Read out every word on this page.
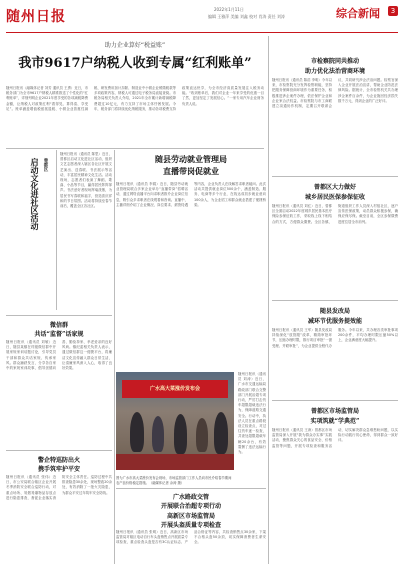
随州日报	2022年1月11日
编辑 王雅萍 美编 刘鑫 校对 肖涛 责任 刘涛	综合新闻	3
助力企业算好“税益账”
我市9617户纳税人收到专属“红利账单”
随州日报讯（融媒体记者 刘芳 通讯员 王勇）近日，市税务部门为全市9617户纳税人精准推送了个性化的“红利账单”，详细列明企业2021年度享受的各项减税降费金额，让纳税人对政策红利“看得见、算得清、享受足”。账单涵盖增值税留抵退税、小微企业普惠性减税、研发费用加计扣除、制造业中小微企业缓缴税款等多项政策内容，纳税人可通过电子税务局直接查阅。市税务局相关负责人介绍，2021年全市累计新增减税降费超过10亿元，有力支持了市场主体纾困发展。今年，税务部门将持续优化纳税服务，推动各项税费支持政策直达快享，为全市经济高质量发展注入税务动能。“收到账单后，我们对企业一年来享受的优惠一目了然，更加坚定了发展信心。”一家专用汽车企业财务负责人说。
曾都区
启动文化进社区活动
随州日报讯（通讯员 陈思）近日，曾都区启动文化进社区活动，组织文艺志愿者深入辖区各社区开展文艺演出、送春联、书法展示等活动，丰富居民精神文化生活。活动现场，志愿者们表演了舞蹈、歌曲、小品等节目，赢得居民阵阵掌声。书法爱好者现场挥毫泼墨，为居民书写春联和福字，营造喜庆祥和的节日氛围。活动将持续至春节前后，覆盖全区各社区。
微信群
共话“监督”话家规
随州日报讯（通讯员 刘敏）近日，随县某镇在村级微信群中开展家规家训话题讨论，引导党员干部和群众共话家规、传承家风。群众踊跃发言，分享各自家中的家规家训故事，倡导崇德向善、勤俭持家、孝老爱亲的良好风尚。镇纪委相关负责人表示，通过微信群这一便捷平台，将廉洁文化宣传融入群众日常生活，让清廉家风深入人心，取得了良好效果。
警企特巡防出火
携手筑牢护平安
随州日报讯（通讯员 张伟）近日，市公安局联合辖区企业开展冬季消防安全联合巡防行动，对重点场所、易燃易爆物品存放点进行隐患排查，督促企业落实消防安全主体责任。巡防过程中共排查隐患30余处，现场整改20余处，有效消除了一批火灾隐患，为群众平安过年筑牢安全防线。
随县劳动就业管理局
直播带岗促就业
随州日报讯（通讯员 李娟）近日，随县劳动就业管理局联合多家企业举办“直播带岗”招聘活动，通过网络直播平台向求职者推介企业岗位信息，吸引众多求职者在线观看和咨询。直播中，主播详细介绍了企业概况、岗位要求、薪资待遇等内容，企业负责人在线解答求职者疑问。此次活动共提供就业岗位500余个，涵盖制造、服务、电商等多个行业，在线达成初步就业意向100余人，为企业招工和群众就业搭建了便捷桥梁。
广水高大菜涨价发布会
图为广水市高大菜涨价发布会现场，市场监管部门工作人员向市民介绍春节期间农产品价格稳定措施。（融媒体记者 余涛 摄）
随州日报讯（通讯员 刘涛）近日，广水市交通运输局路政部门联合交警部门开展治超专项行动，严厉打击货车超限超载违法行为，保障道路交通安全。行动中，执法人员在重点路段设立检查点，对过往货车逐一检查，共查处超限超载车辆20余台，有效震慑了违法运输行为。
广水路政交管
开展联合治超专项行动
高新区市场监管局
开展头盔质量专项检查
随州日报讯（通讯员 张明）近日，高新区市场监管局对辖区电动自行车头盔销售点开展质量专项检查，重点检查头盔是否有3C认证标志、产品合格证等内容，共检查销售点30余家，下架不合格头盔50余顶，切实保障消费者生命安全。
市检察院同共推动
助力优化法治营商环境
随州日报讯（通讯员 陈浩 李明）今年以来，市检察院充分发挥检察职能，坚持把服务保障营商环境作为重要任务，积极推进涉企案件办理，依法保护企业和企业家合法权益。市检察院与市工商联建立沟通协作机制，定期召开联席会议，共同研究涉企法治问题。检察官深入企业开展法治宣讲，帮助企业防范法律风险。据统计，全市检察机关共办理涉企案件百余件，为企业挽回经济损失数千万元，得到企业的广泛好评。
曾都区大力做好
城乡居民医保参保征收
随州日报讯（通讯员 刘红）近日，曾都区全面启动2022年度城乡居民基本医疗保险参保征收工作，采取线上线下相结合的方式，方便群众缴费。全区各镇、街道组织工作人员深入村组社区，逐户宣传医保政策，动员群众积极参保，确保应保尽保。截至目前，全区参保缴费进度位居全市前列。
随县发改局
减环节优服务提效能
随州日报讯（通讯员 王军）随县发改局持续深化“放管服”改革，精简审批环节，压缩办理时限，推行项目审批“一窗受理、并联审批”，为企业提供全程代办服务。今年以来，共办理各类审批事项200余件，平均办理时限压缩50%以上，企业满意度大幅提升。
曾都区市场监管局
实项筑就“学典范”
随州日报讯（通讯员 王涛）曾都区市场监管局深入开展“我为群众办实事”实践活动，聚焦群众关心的食品安全、价格监管等问题，开展专项检查和服务活动，切实解决群众急难愁盼问题，以实际行动践行初心使命，得到群众一致好评。
